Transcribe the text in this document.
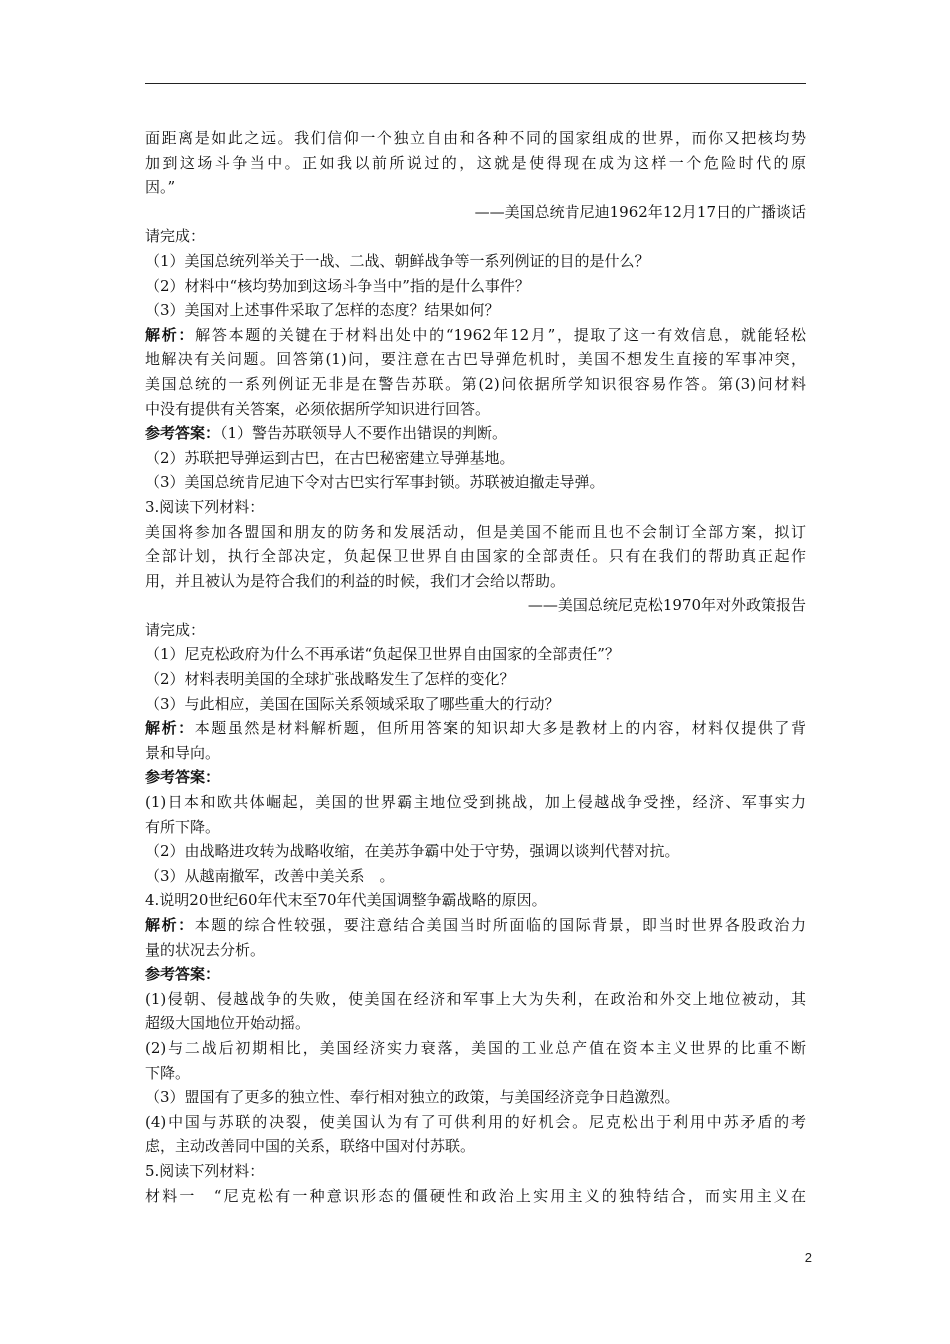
面距离是如此之远。我们信仰一个独立自由和各种不同的国家组成的世界，而你又把核均势
加到这场斗争当中。正如我以前所说过的，这就是使得现在成为这样一个危险时代的原
因。”
——美国总统肯尼迪1962年12月17日的广播谈话
请完成：
（1）美国总统列举关于一战、二战、朝鲜战争等一系列例证的目的是什么？
（2）材料中“核均势加到这场斗争当中”指的是什么事件？
（3）美国对上述事件采取了怎样的态度？结果如何？
解析：解答本题的关键在于材料出处中的“1962年12月”，提取了这一有效信息，就能轻松
地解决有关问题。回答第(1)问，要注意在古巴导弹危机时，美国不想发生直接的军事冲突，
美国总统的一系列例证无非是在警告苏联。第(2)问依据所学知识很容易作答。第(3)问材料
中没有提供有关答案，必须依据所学知识进行回答。
参考答案：（1）警告苏联领导人不要作出错误的判断。
（2）苏联把导弹运到古巴，在古巴秘密建立导弹基地。
（3）美国总统肯尼迪下令对古巴实行军事封锁。苏联被迫撤走导弹。
3.阅读下列材料：
美国将参加各盟国和朋友的防务和发展活动，但是美国不能而且也不会制订全部方案，拟订
全部计划，执行全部决定，负起保卫世界自由国家的全部责任。只有在我们的帮助真正起作
用，并且被认为是符合我们的利益的时候，我们才会给以帮助。
——美国总统尼克松1970年对外政策报告
请完成：
（1）尼克松政府为什么不再承诺“负起保卫世界自由国家的全部责任”？
（2）材料表明美国的全球扩张战略发生了怎样的变化？
（3）与此相应，美国在国际关系领域采取了哪些重大的行动？
解析：本题虽然是材料解析题，但所用答案的知识却大多是教材上的内容，材料仅提供了背
景和导向。
参考答案：
(1)日本和欧共体崛起，美国的世界霸主地位受到挑战，加上侵越战争受挫，经济、军事实力
有所下降。
（2）由战略进攻转为战略收缩，在美苏争霸中处于守势，强调以谈判代替对抗。
（3）从越南撤军，改善中美关系　。
4.说明20世纪60年代末至70年代美国调整争霸战略的原因。
解析：本题的综合性较强，要注意结合美国当时所面临的国际背景，即当时世界各股政治力
量的状况去分析。
参考答案：
(1)侵朝、侵越战争的失败，使美国在经济和军事上大为失利，在政治和外交上地位被动，其
超级大国地位开始动摇。
(2)与二战后初期相比，美国经济实力衰落，美国的工业总产值在资本主义世界的比重不断
下降。
（3）盟国有了更多的独立性、奉行相对独立的政策，与美国经济竞争日趋激烈。
(4)中国与苏联的决裂，使美国认为有了可供利用的好机会。尼克松出于利用中苏矛盾的考
虑，主动改善同中国的关系，联络中国对付苏联。
5.阅读下列材料：
材料一　“尼克松有一种意识形态的僵硬性和政治上实用主义的独特结合，而实用主义在
2
